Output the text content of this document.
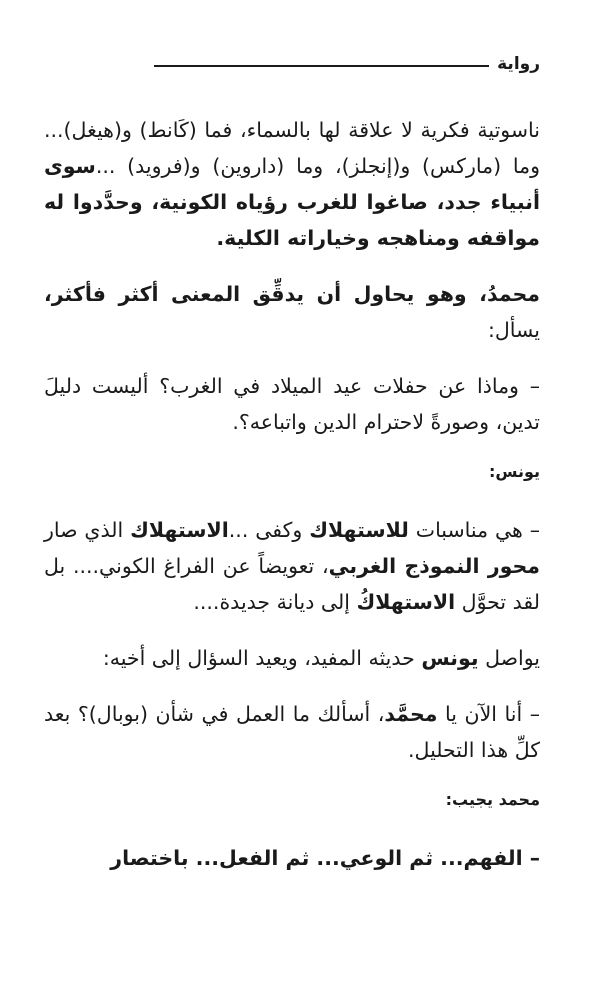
رواية

ناسوتية فكرية لا علاقة لها بالسماء، فما (كَانط) و(هيغل)... وما (ماركس) و(إنجلز)، وما (داروين) و(فرويد) ...سوى أنبياء جدد، صاغوا للغرب رؤياه الكونية، وحدَّدوا له مواقفه ومناهجه وخياراته الكلية.

محمدُ، وهو يحاول أن يدقِّق المعنى أكثر فأكثر، يسأل:

– وماذا عن حفلات عيد الميلاد في الغرب؟ أليست دليلَ تدين، وصورةً لاحترام الدين واتباعه؟.

يونس:

– هي مناسبات للاستهلاك وكفى ...الاستهلاك الذي صار محور النموذج الغربي، تعويضاً عن الفراغ الكوني.... بل لقد تحوَّل الاستهلاكُ إلى ديانة جديدة....

يواصل يونس حديثه المفيد، ويعيد السؤال إلى أخيه:

– أنا الآن يا محمَّد، أسألك ما العمل في شأن (بوبال)؟ بعد كلِّ هذا التحليل.

محمد يجيب:

– الفهم... ثم الوعي... ثم الفعل... باختصار
